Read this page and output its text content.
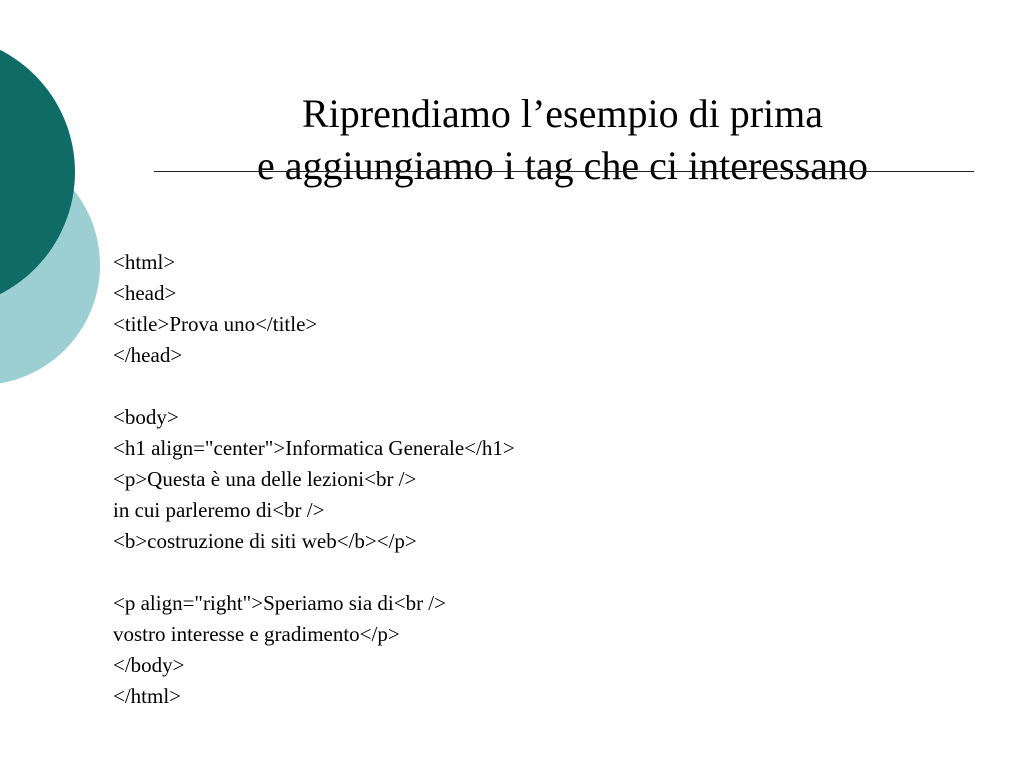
Riprendiamo l’esempio di prima
e aggiungiamo i tag che ci interessano
<html>
<head>
<title>Prova uno</title>
</head>
<body>
<h1 align="center">Informatica Generale</h1>
<p>Questa è una delle lezioni<br />
in cui parleremo di<br />
<b>costruzione di siti web</b></p>
<p align="right">Speriamo sia di<br />
vostro interesse e gradimento</p>
</body>
</html>
